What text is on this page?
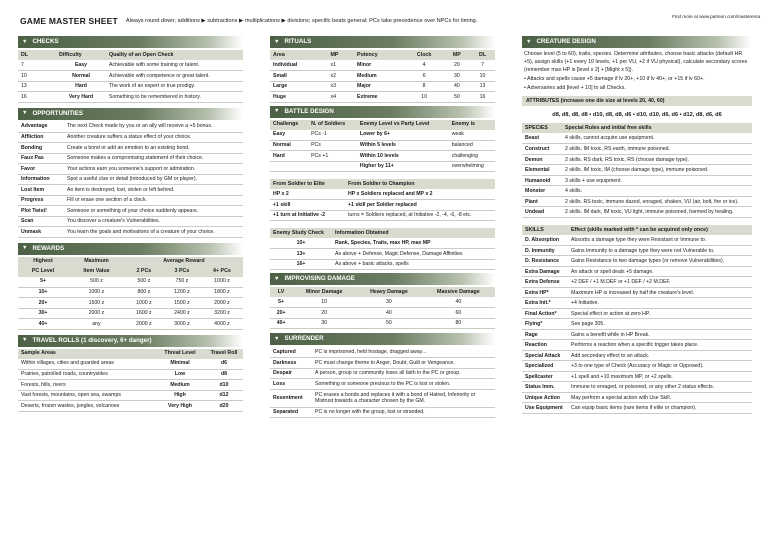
GAME MASTER SHEET Always round down; additions ▶ subtractions ▶ multiplications ▶ divisions; specific beats general; PCs take precedence over NPCs for timing.
Find more at www.patreon.com/masterema
▼ CHECKS
DL	Difficulty	Quality of an Open Check
7	Easy	Achievable with some training or talent.
10	Normal	Achievable with competence or great talent.
13	Hard	The work of an expert or true prodigy.
16	Very Hard	Something to be remembered in history.
▼ OPPORTUNITIES
Advantage	The next Check made by you or an ally will receive a +5 bonus.
Affliction	Another creature suffers a status effect of your choice.
Bonding	Create a bond or add an emotion to an existing bond.
Faux Pas	Someone makes a compromising statement of their choice.
Favor	Your actions earn you someone's support or admiration.
Information	Spot a useful clue or detail (introduced by GM or player).
Lost Item	An item is destroyed, lost, stolen or left behind.
Progress	Fill or erase one section of a clock.
Plot Twist!	Someone or something of your choice suddenly appears.
Scan	You discover a creature's Vulnerabilities.
Unmask	You learn the goals and motivations of a creature of your choice.
▼ REWARDS
Highest	Maximum	Average Reward		
PC Level	Item Value	2 PCs	3 PCs	4+ PCs
5+	500 z	500 z	750 z	1000 z
10+	1000 z	800 z	1200 z	1800 z
20+	1500 z	1000 z	1500 z	2000 z
30+	2000 z	1600 z	2400 z	3200 z
40+	any	2000 z	3000 z	4000 z
▼ TRAVEL ROLLS (1 discovery, 6+ danger)
Sample Areas	Threat Level	Travel Roll
Within villages, cities and guarded areas	Minimal	d6
Prairies, patrolled roads, countrysides	Low	d8
Forests, hills, rivers	Medium	d10
Vast forests, mountains, open sea, swamps	High	d12
Deserts, frozen wastes, jungles, volcanoes	Very High	d20
▼ RITUALS
Area	MP	Potency	Clock	MP	DL
Individual	x1	Minor	4	20	7
Small	x2	Medium	6	30	10
Large	x3	Major	8	40	13
Huge	x4	Extreme	10	50	16
▼ BATTLE DESIGN
Challenge	N. of Soldiers	Enemy Level vs Party Level	Enemy is
Easy	PCs -1	Lower by 6+	weak
Normal	PCs	Within 5 levels	balanced
Hard	PCs +1	Within 10 levels	challenging
		Higher by 11+	overwhelming
From Soldier to Elite	From Soldier to Champion
HP x 2	HP x Soldiers replaced and MP x 2
+1 skill	+1 skill per Soldier replaced
+1 turn at Initiative -2	turns = Soldiers replaced, at Initiative -2, -4, -6, -8 etc.
Enemy Study Check	Information Obtained
10+	Rank, Species, Traits, max HP, max MP
13+	As above + Defense, Magic Defense, Damage Affinities
16+	As above + basic attacks, spells
▼ IMPROVISING DAMAGE
LV	Minor Damage	Heavy Damage	Massive Damage
5+	10	30	40
20+	20	40	60
40+	30	50	80
▼ SURRENDER
Captured	PC is imprisoned, held hostage, dragged away...
Darkness	PC must change theme to Anger, Doubt, Guilt or Vengeance.
Despair	A person, group or community loses all faith in the PC or group.
Loss	Something or someone precious to the PC is lost or stolen.
Resentment	PC erases a bonds and replaces it with a bond of Hatred, Inferiority or Mistrust towards a character chosen by the GM.
Separated	PC is no longer with the group, lost or stranded.
▼ CREATURE DESIGN
Choose level (5 to 60), traits, species. Determine attributes, choose basic attacks (default HR +5), assign skills (+1 every 10 levels, +1 per VU, +2 if VU physical), calculate secondary scores (remember max HP is [level x 2] + [Might x 5]).
• Attacks and spells cause +5 damage if lv 20+, +10 if lv 40+, or +15 if lv 60+.
• Adversaries add [level + 10] to all Checks.
ATTRIBUTES (increase one die size at levels 20, 40, 60)
d8, d8, d8, d8 • d10, d8, d8, d6 • d10, d10, d6, d6 • d12, d8, d6, d6
SPECIES	Special Rules and initial free skills
Beast	4 skills, cannot acquire use equipment.
Construct	2 skills. IM toxic, RS earth, immune poisoned.
Demon	2 skills. RS dark, RS toxic, RS (choose damage type).
Elemental	2 skills. IM toxic, IM (choose damage type), immune poisoned.
Humanoid	3 skills + use equipment.
Monster	4 skills.
Plant	2 skills. RS toxic, immune dazed, enraged, shaken, VU (air, bolt, fire or ice).
Undead	2 skills. IM dark, IM toxic, VU light, immune poisoned, harmed by healing.
SKILLS	Effect (skills marked with * can be acquired only once)
D. Absorption	Absorbs a damage type they were Resistant or Immune to.
D. Immunity	Gains Immunity to a damage type they were not Vulnerable to.
D. Resistance	Gains Resistance to two damage types (or remove Vulnerabilities).
Extra Damage	An attack or spell deals +5 damage.
Extra Defense	+2 DEF / +1 M.DEF or +1 DEF / +2 M.DEF.
Extra HP*	Maximum HP is increased by half the creature's level.
Extra Init.*	+4 Initiative.
Final Action*	Special effect or action at zero HP.
Flying*	See page 305.
Rage	Gains a benefit while in HP Break.
Reaction	Performs a reaction when a specific trigger takes place.
Special Attack	Add secondary effect to an attack.
Specialized	+3 to one type of Check (Accuracy or Magic or Opposed).
Spellcaster	+1 spell and +10 maximum MP, or +2 spells.
Status Imm.	Immune to enraged, or poisoned, or any other 2 status effects.
Unique Action	May perform a special action with Use Skill.
Use Equipment	Can equip basic items (rare items if elite or champion).
